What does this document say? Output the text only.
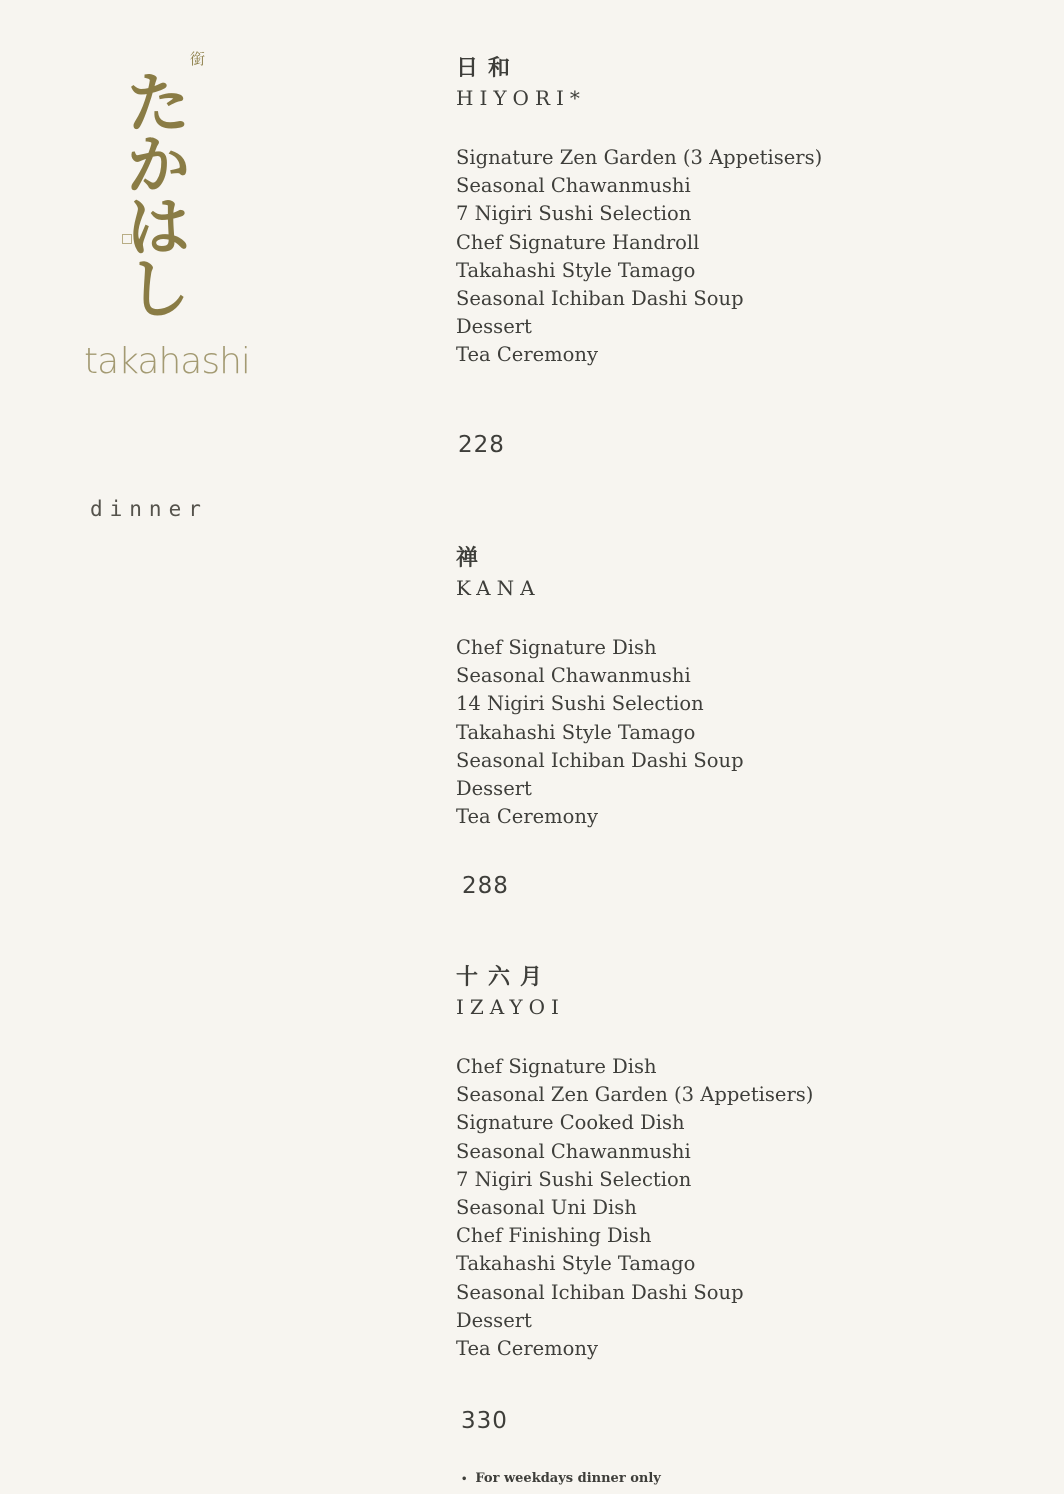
銜
たかはし
takahashi
dinner
日和
HIYORI*
Signature Zen Garden (3 Appetisers)
Seasonal Chawanmushi
7 Nigiri Sushi Selection
Chef Signature Handroll
Takahashi Style Tamago
Seasonal Ichiban Dashi Soup
Dessert
Tea Ceremony
228
禅
KANA
Chef Signature Dish
Seasonal Chawanmushi
14 Nigiri Sushi Selection
Takahashi Style Tamago
Seasonal Ichiban Dashi Soup
Dessert
Tea Ceremony
288
十六月
IZAYOI
Chef Signature Dish
Seasonal Zen Garden (3 Appetisers)
Signature Cooked Dish
Seasonal Chawanmushi
7 Nigiri Sushi Selection
Seasonal Uni Dish
Chef Finishing Dish
Takahashi Style Tamago
Seasonal Ichiban Dashi Soup
Dessert
Tea Ceremony
330
• For weekdays dinner only
